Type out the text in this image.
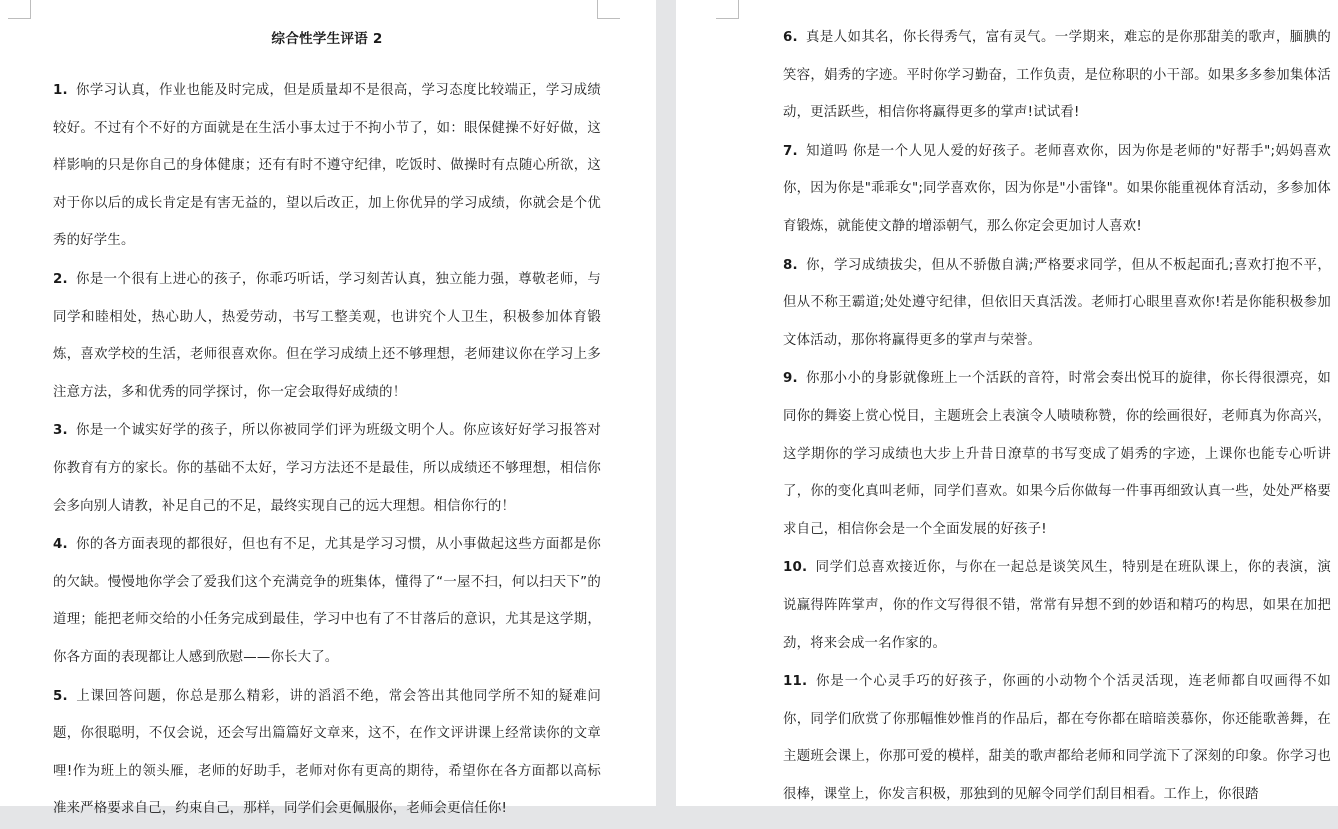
综合性学生评语 2

1. 你学习认真，作业也能及时完成，但是质量却不是很高，学习态度比较端正，学习成绩较好。不过有个不好的方面就是在生活小事太过于不拘小节了，如：眼保健操不好好做，这样影响的只是你自己的身体健康；还有有时不遵守纪律，吃饭时、做操时有点随心所欲，这对于你以后的成长肯定是有害无益的，望以后改正，加上你优异的学习成绩，你就会是个优秀的好学生。

2. 你是一个很有上进心的孩子，你乖巧听话，学习刻苦认真，独立能力强，尊敬老师，与同学和睦相处，热心助人，热爱劳动，书写工整美观，也讲究个人卫生，积极参加体育锻炼，喜欢学校的生活，老师很喜欢你。但在学习成绩上还不够理想，老师建议你在学习上多注意方法，多和优秀的同学探讨，你一定会取得好成绩的！

3. 你是一个诚实好学的孩子，所以你被同学们评为班级文明个人。你应该好好学习报答对你教育有方的家长。你的基础不太好，学习方法还不是最佳，所以成绩还不够理想，相信你会多向别人请教，补足自己的不足，最终实现自己的远大理想。相信你行的！

4. 你的各方面表现的都很好，但也有不足，尤其是学习习惯，从小事做起这些方面都是你的欠缺。慢慢地你学会了爱我们这个充满竞争的班集体，懂得了“一屋不扫，何以扫天下”的道理；能把老师交给的小任务完成到最佳，学习中也有了不甘落后的意识，尤其是这学期，你各方面的表现都让人感到欣慰——你长大了。

5. 上课回答问题，你总是那么精彩，讲的滔滔不绝，常会答出其他同学所不知的疑难问题，你很聪明，不仅会说，还会写出篇篇好文章来，这不，在作文评讲课上经常读你的文章哩!作为班上的领头雁，老师的好助手，老师对你有更高的期待，希望你在各方面都以高标准来严格要求自己，约束自己，那样，同学们会更佩服你，老师会更信任你!

6. 真是人如其名，你长得秀气，富有灵气。一学期来，难忘的是你那甜美的歌声，腼腆的笑容，娟秀的字迹。平时你学习勤奋，工作负责，是位称职的小干部。如果多多参加集体活动，更活跃些，相信你将赢得更多的掌声!试试看!

7. 知道吗 你是一个人见人爱的好孩子。老师喜欢你，因为你是老师的"好帮手";妈妈喜欢你，因为你是"乖乖女";同学喜欢你，因为你是"小雷锋"。如果你能重视体育活动，多参加体育锻炼，就能使文静的增添朝气，那么你定会更加讨人喜欢!

8. 你，学习成绩拔尖，但从不骄傲自满;严格要求同学，但从不板起面孔;喜欢打抱不平，但从不称王霸道;处处遵守纪律，但依旧天真活泼。老师打心眼里喜欢你!若是你能积极参加文体活动，那你将赢得更多的掌声与荣誉。

9. 你那小小的身影就像班上一个活跃的音符，时常会奏出悦耳的旋律，你长得很漂亮，如同你的舞姿上赏心悦目，主题班会上表演令人啧啧称赞，你的绘画很好，老师真为你高兴，这学期你的学习成绩也大步上升昔日潦草的书写变成了娟秀的字迹，上课你也能专心听讲了，你的变化真叫老师，同学们喜欢。如果今后你做每一件事再细致认真一些，处处严格要求自己，相信你会是一个全面发展的好孩子!

10. 同学们总喜欢接近你，与你在一起总是谈笑风生，特别是在班队课上，你的表演，演说赢得阵阵掌声，你的作文写得很不错，常常有异想不到的妙语和精巧的构思，如果在加把劲，将来会成一名作家的。

11. 你是一个心灵手巧的好孩子，你画的小动物个个活灵活现，连老师都自叹画得不如你，同学们欣赏了你那幅惟妙惟肖的作品后，都在夸你都在暗暗羡慕你，你还能歌善舞，在主题班会课上，你那可爱的模样，甜美的歌声都给老师和同学流下了深刻的印象。你学习也很棒，课堂上，你发言积极，那独到的见解令同学们刮目相看。工作上，你很踏
